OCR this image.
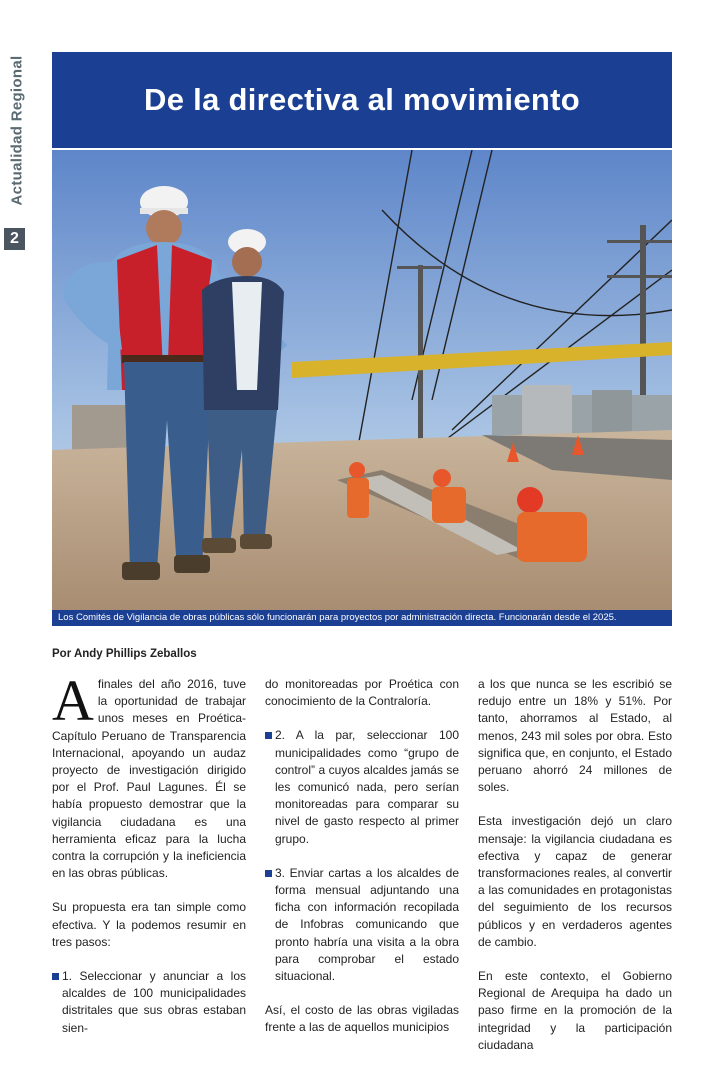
Actualidad Regional
2
De la directiva al movimiento
Los Comités de Vigilancia de obras públicas sólo funcionarán para proyectos por administración directa. Funcionarán desde el 2025.
Por Andy Phillips Zeballos

Afinales del año 2016, tuve la oportunidad de trabajar unos meses en Proética-Capítulo Peruano de Transparencia Internacional, apoyando un audaz proyecto de investigación dirigido por el Prof. Paul Lagunes. Él se había propuesto demostrar que la vigilancia ciudadana es una herramienta eficaz para la lucha contra la corrupción y la ineficiencia en las obras públicas.

Su propuesta era tan simple como efectiva. Y la podemos resumir en tres pasos:

1. Seleccionar y anunciar a los alcaldes de 100 municipalidades distritales que sus obras estaban sien-

do monitoreadas por Proética con conocimiento de la Contraloría.

2. A la par, seleccionar 100 municipalidades como “grupo de control” a cuyos alcaldes jamás se les comunicó nada, pero serían monitoreadas para comparar su nivel de gasto respecto al primer grupo.

3. Enviar cartas a los alcaldes de forma mensual adjuntando una ficha con información recopilada de Infobras comunicando que pronto habría una visita a la obra para comprobar el estado situacional.

Así, el costo de las obras vigiladas frente a las de aquellos municipios

a los que nunca se les escribió se redujo entre un 18% y 51%. Por tanto, ahorramos al Estado, al menos, 243 mil soles por obra. Esto significa que, en conjunto, el Estado peruano ahorró 24 millones de soles.

Esta investigación dejó un claro mensaje: la vigilancia ciudadana es efectiva y capaz de generar transformaciones reales, al convertir a las comunidades en protagonistas del seguimiento de los recursos públicos y en verdaderos agentes de cambio.

En este contexto, el Gobierno Regional de Arequipa ha dado un paso firme en la promoción de la integridad y la participación ciudadana
